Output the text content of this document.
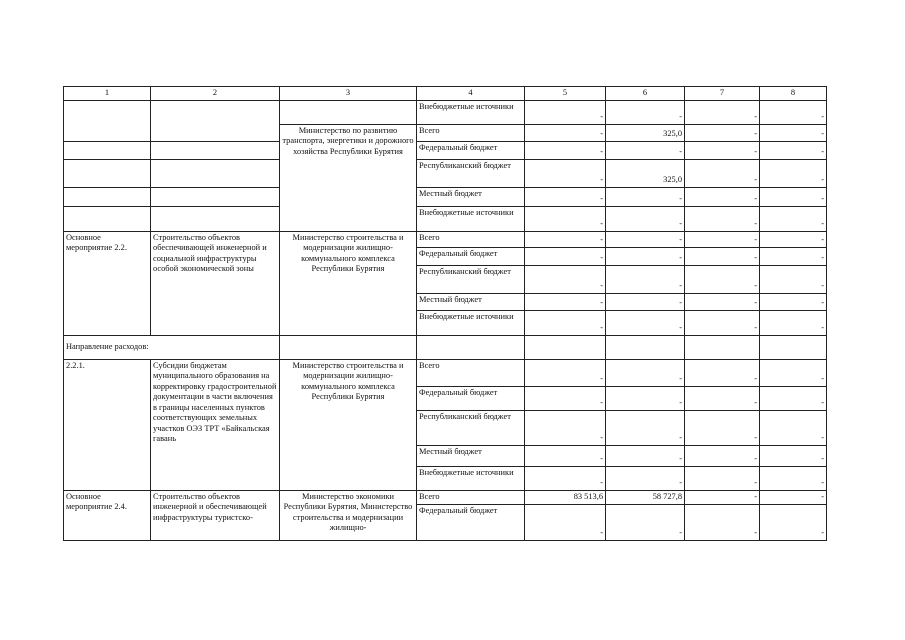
1	2	3	4	5	6	7	8
			Внебюджетные источники	-	-	-	-
		Министерство по развитию транспорта, энергетики и дорожного хозяйства Республики Бурятия	Всего	-	325,0	-	-
			Федеральный бюджет	-	-	-	-
			Республиканский бюджет	-	325,0	-	-
			Местный бюджет	-	-	-	-
			Внебюджетные источники	-	-	-	-
Основное мероприятие 2.2.	Строительство объектов обеспечивающей инженерной и социальной инфраструктуры особой экономической зоны	Министерство строительства и модернизации жилищно-коммунального комплекса Республики Бурятия	Всего	-	-	-	-
			Федеральный бюджет	-	-	-	-
			Республиканский бюджет	-	-	-	-
			Местный бюджет	-	-	-	-
			Внебюджетные источники	-	-	-	-
Направление расходов:							
2.2.1.	Субсидии бюджетам муниципального образования на корректировку градостроительной документации в части включения в границы населенных пунктов соответствующих земельных участков ОЭЗ ТРТ «Байкальская гавань	Министерство строительства и модернизации жилищно-коммунального комплекса Республики Бурятия	Всего	-	-	-	-
			Федеральный бюджет	-	-	-	-
			Республиканский бюджет	-	-	-	-
			Местный бюджет	-	-	-	-
			Внебюджетные источники	-	-	-	-
Основное мероприятие 2.4.	Строительство объектов инженерной и обеспечивающей инфраструктуры туристско-	Министерство экономики Республики Бурятия, Министерство строительства и модернизации жилищно-	Всего	83 513,6	58 727,8	-	-
			Федеральный бюджет	-	-	-	-
